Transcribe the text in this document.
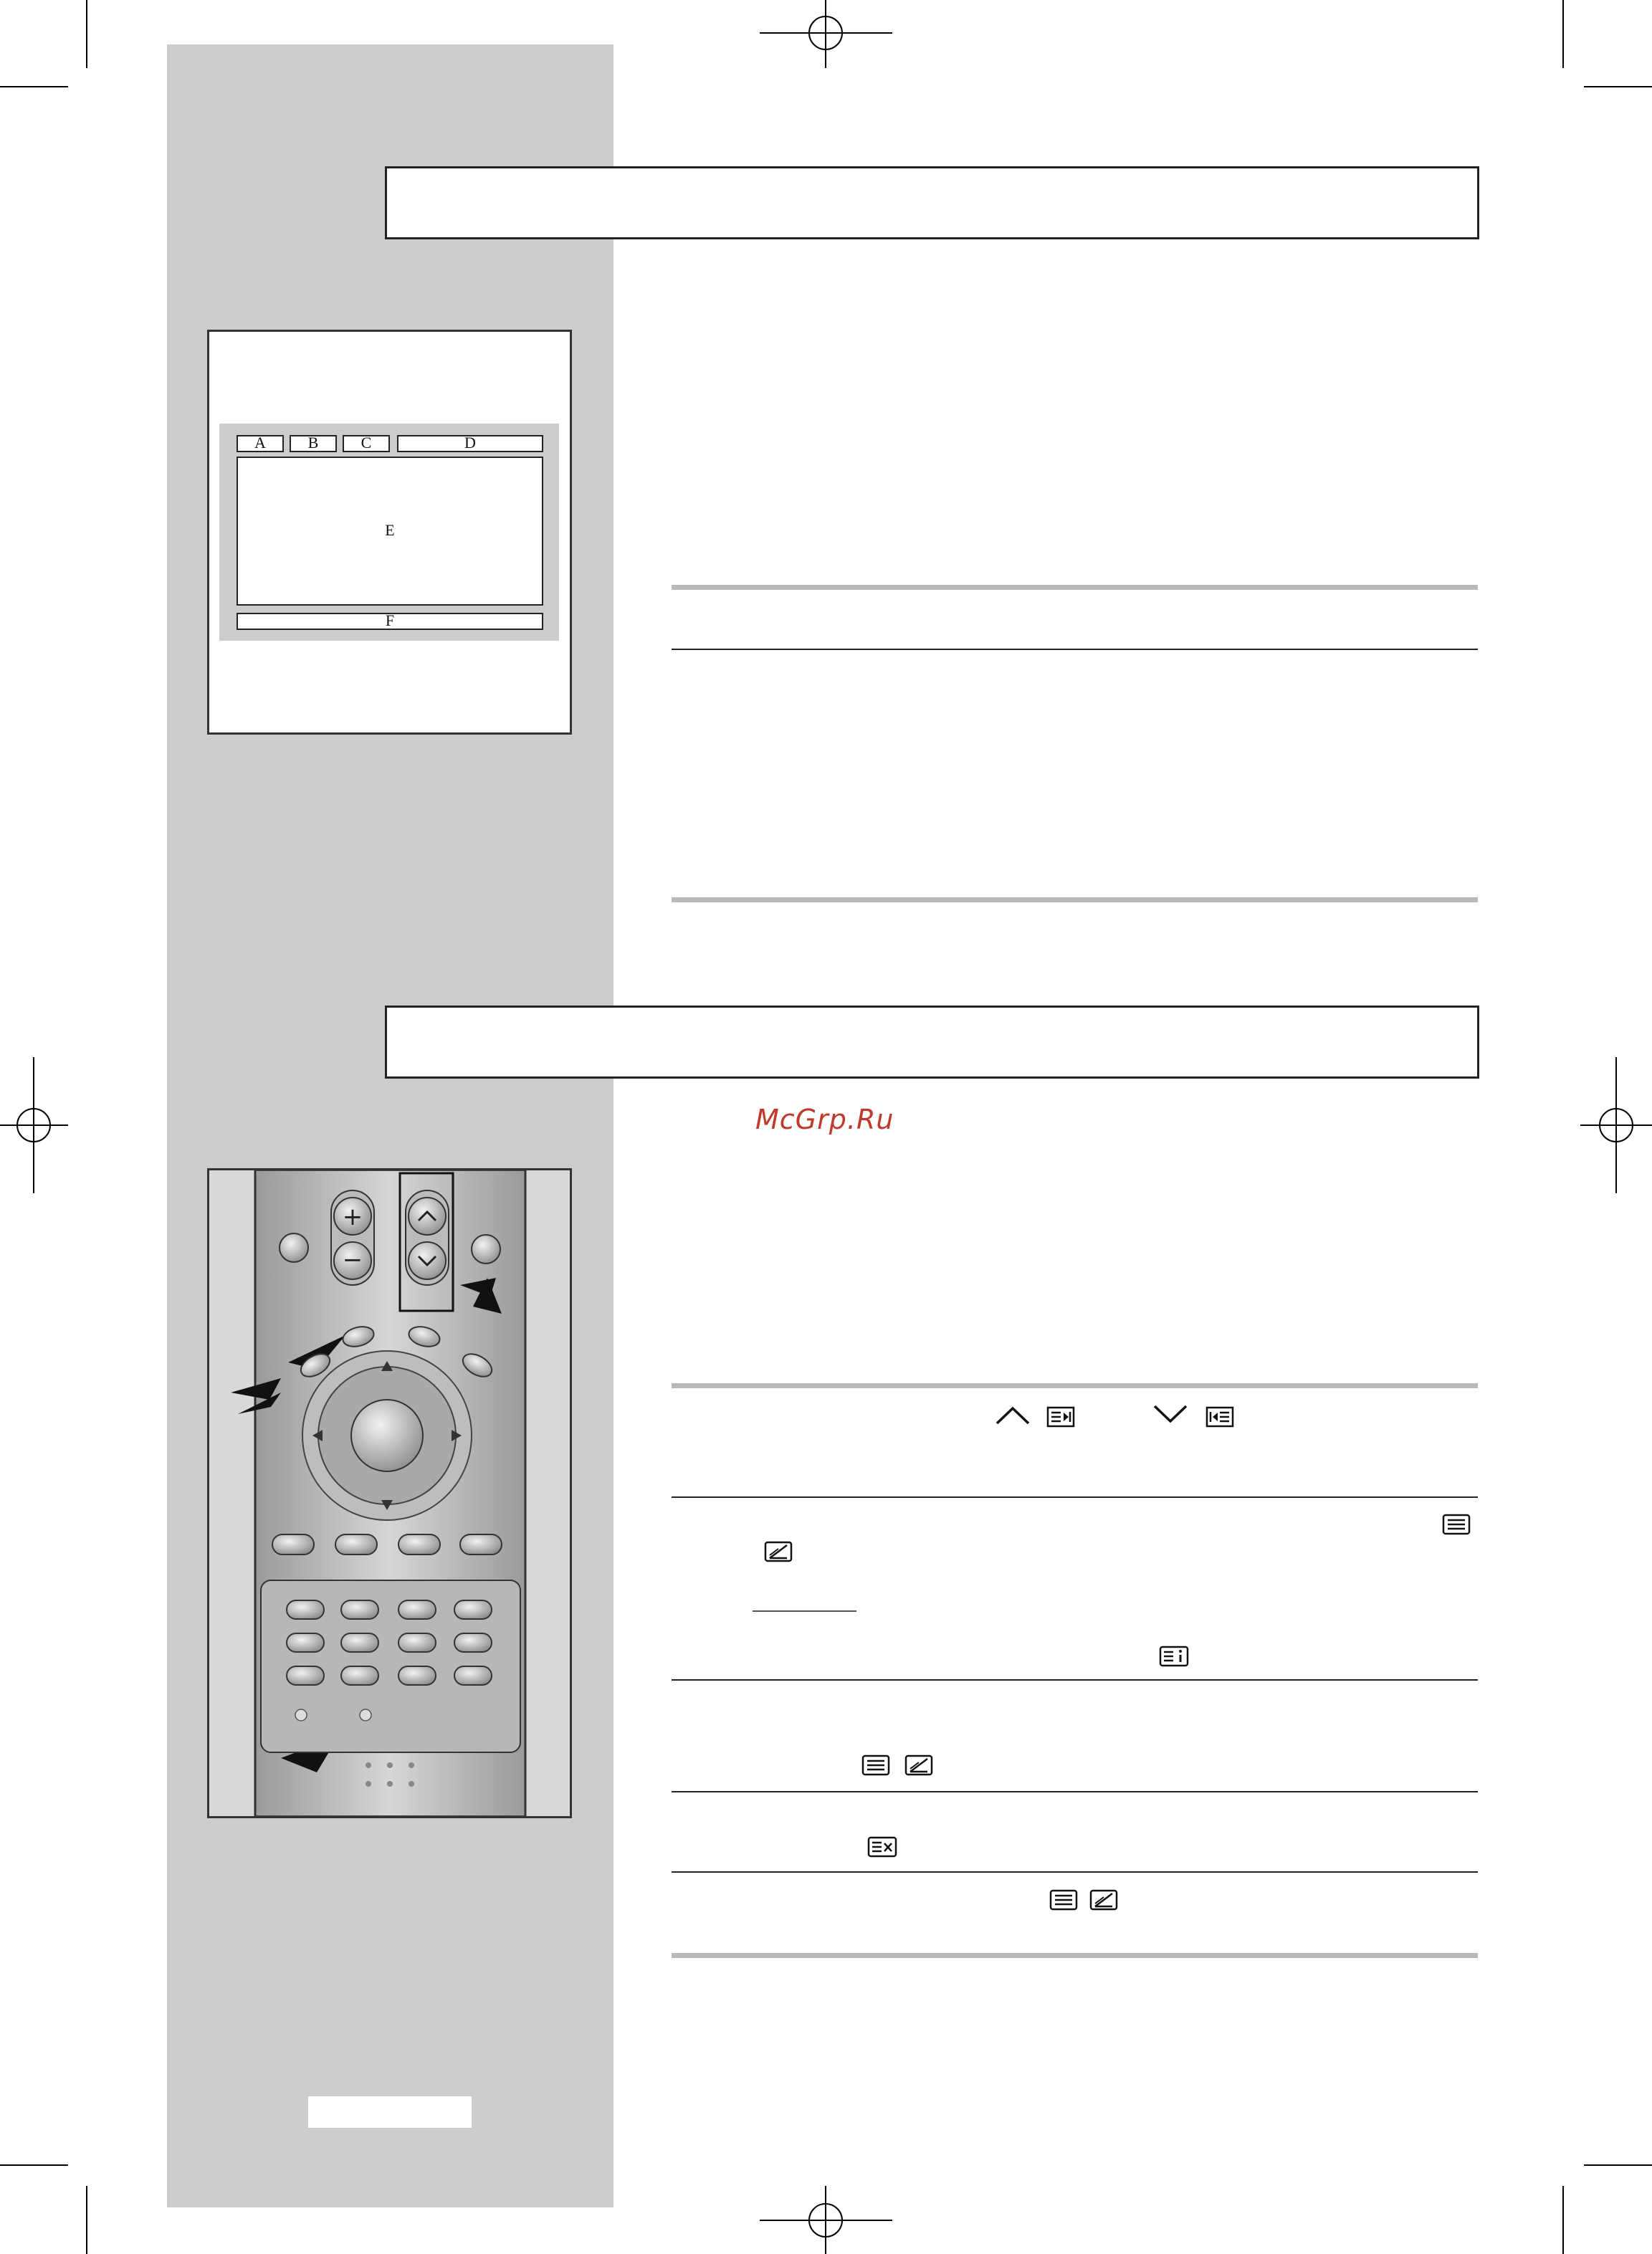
A	B	C	D
E
F
McGrp.Ru
+
−
